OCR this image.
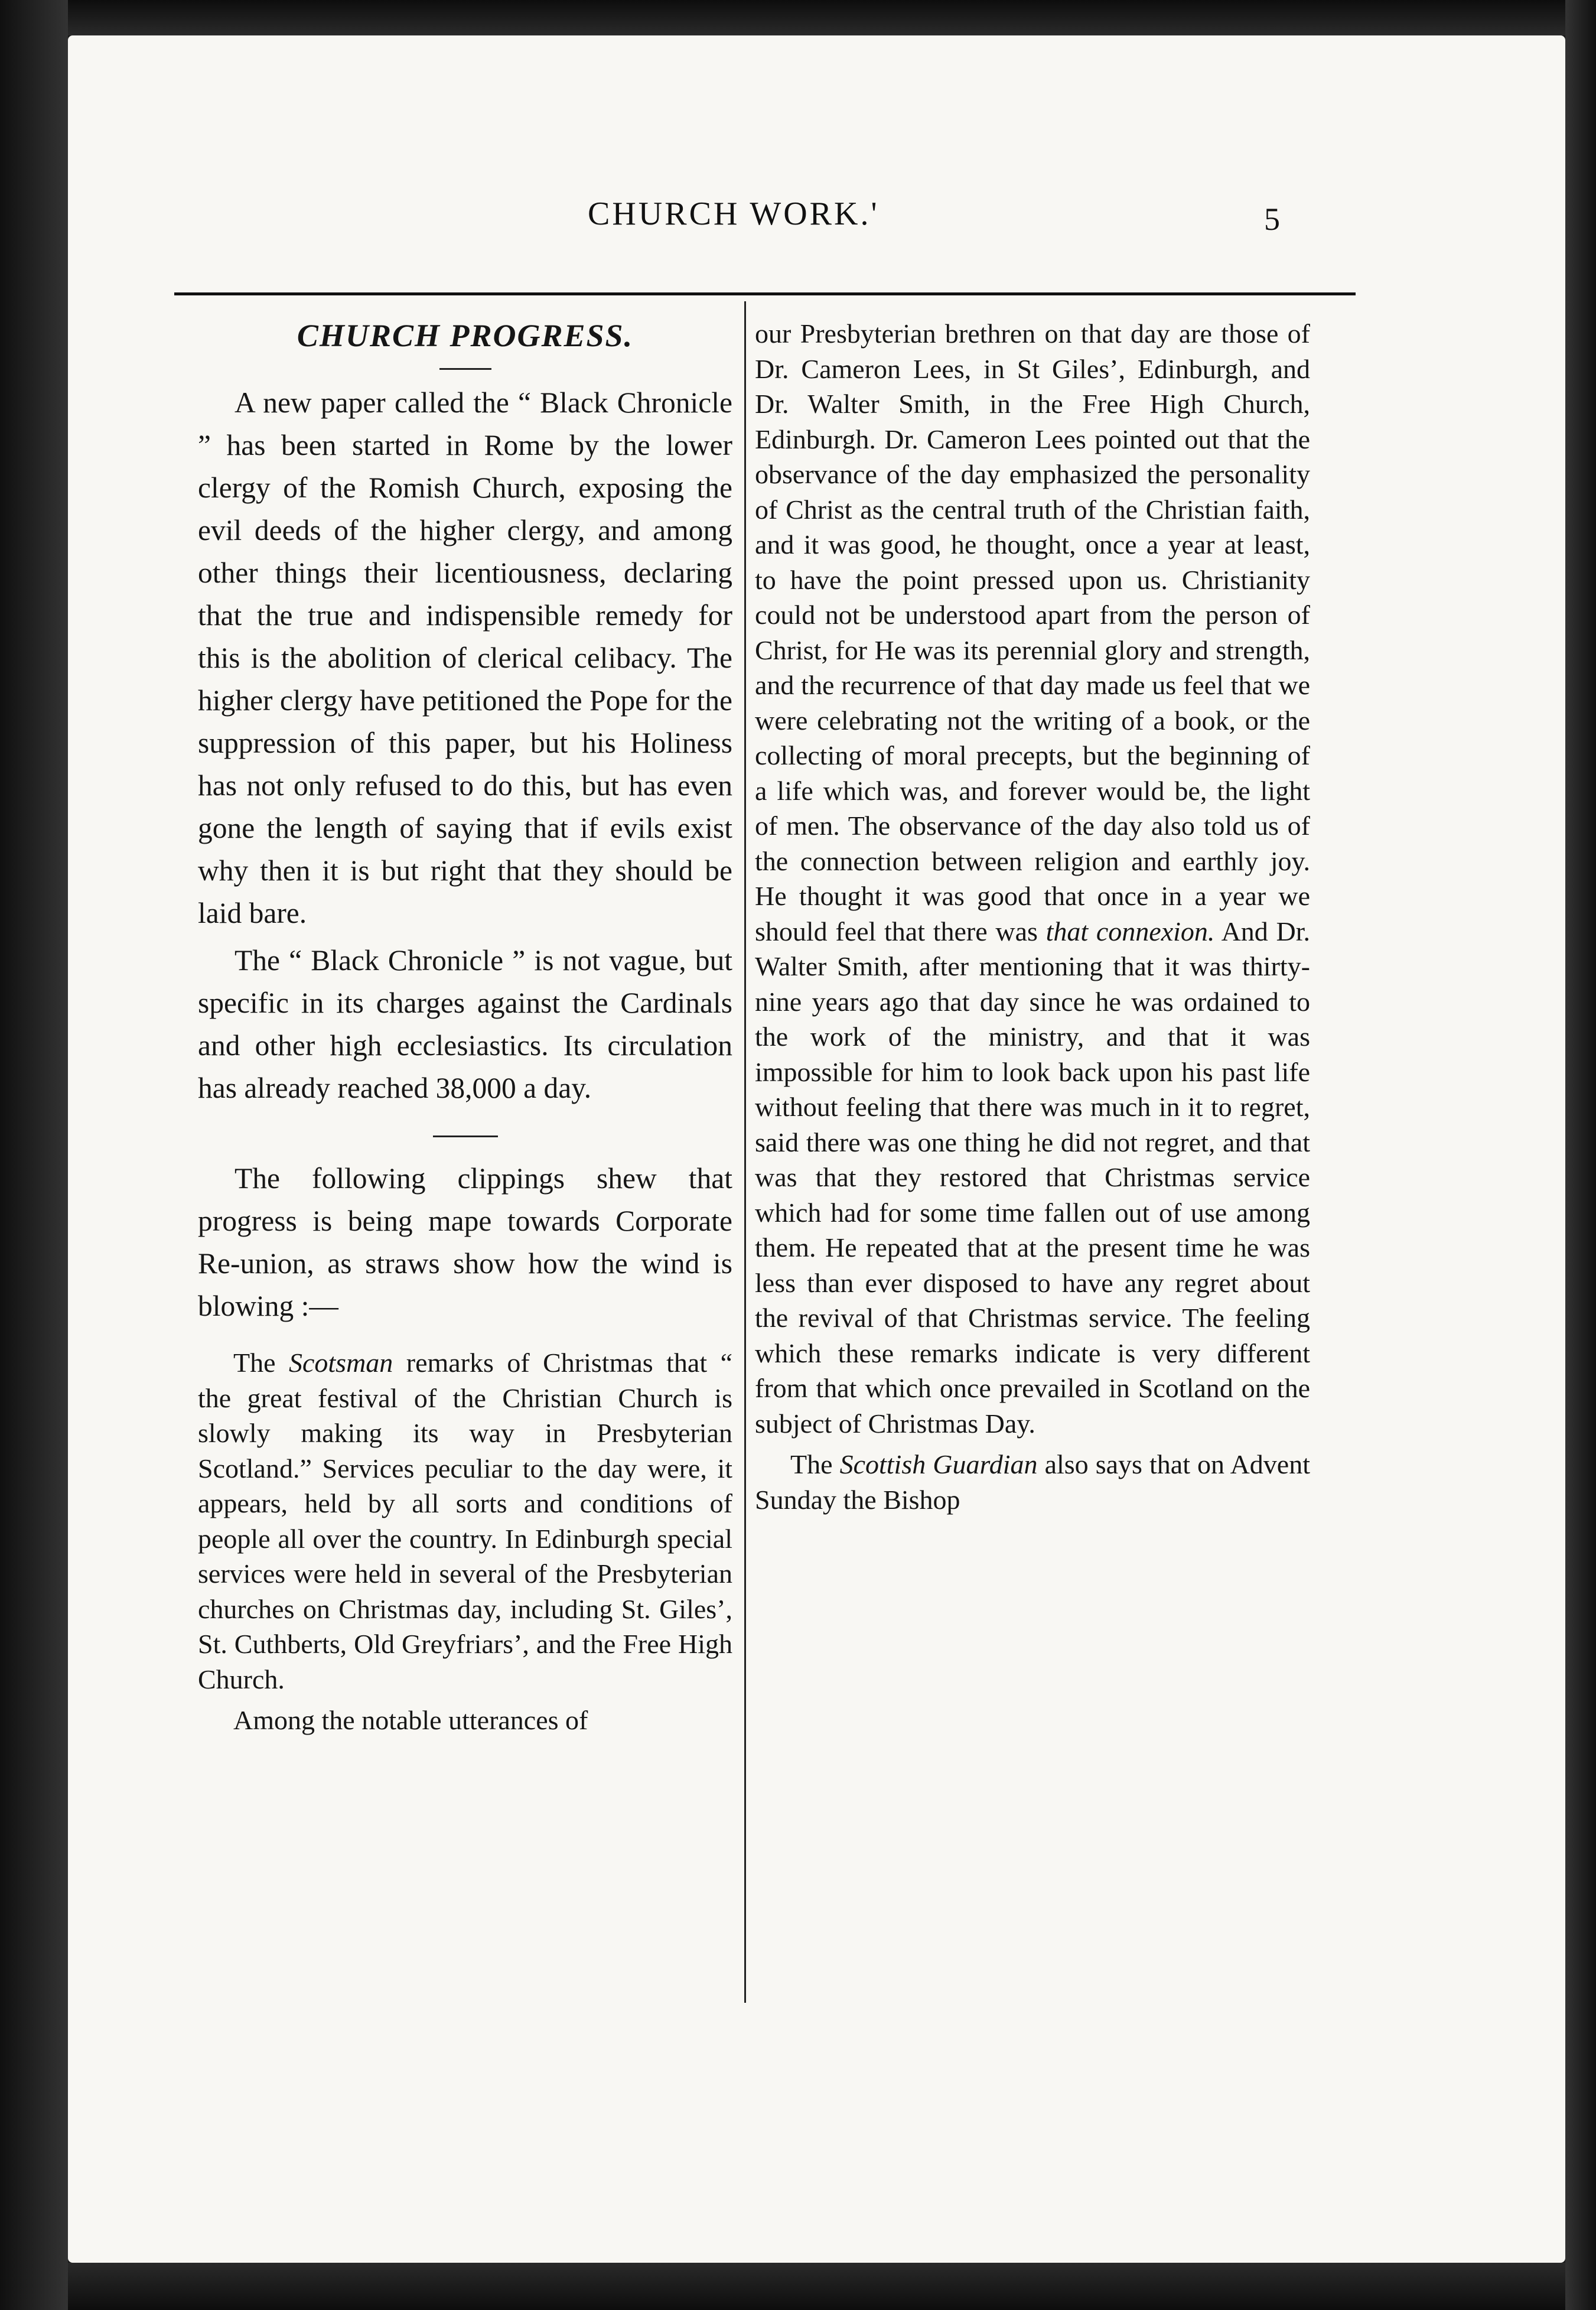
CHURCH WORK.'	5
CHURCH PROGRESS.

A new paper called the “ Black Chronicle ” has been started in Rome by the lower clergy of the Romish Church, exposing the evil deeds of the higher clergy, and among other things their licentiousness, declaring that the true and indispensible remedy for this is the abolition of clerical celibacy. The higher clergy have petitioned the Pope for the suppression of this paper, but his Holiness has not only refused to do this, but has even gone the length of saying that if evils exist why then it is but right that they should be laid bare.

The “ Black Chronicle ” is not vague, but specific in its charges against the Cardinals and other high ecclesiastics. Its circulation has already reached 38,000 a day.

The following clippings shew that progress is being mape towards Corporate Re-union, as straws show how the wind is blowing :—

The Scotsman remarks of Christmas that “ the great festival of the Christian Church is slowly making its way in Presbyterian Scotland.” Services peculiar to the day were, it appears, held by all sorts and conditions of people all over the country. In Edinburgh special services were held in several of the Presbyterian churches on Christmas day, including St. Giles’, St. Cuthberts, Old Greyfriars’, and the Free High Church.

Among the notable utterances of

our Presbyterian brethren on that day are those of Dr. Cameron Lees, in St Giles’, Edinburgh, and Dr. Walter Smith, in the Free High Church, Edinburgh. Dr. Cameron Lees pointed out that the observance of the day emphasized the personality of Christ as the central truth of the Christian faith, and it was good, he thought, once a year at least, to have the point pressed upon us. Christianity could not be understood apart from the person of Christ, for He was its perennial glory and strength, and the recurrence of that day made us feel that we were celebrating not the writing of a book, or the collecting of moral precepts, but the beginning of a life which was, and forever would be, the light of men. The observance of the day also told us of the connection between religion and earthly joy. He thought it was good that once in a year we should feel that there was that connexion. And Dr. Walter Smith, after mentioning that it was thirty-nine years ago that day since he was ordained to the work of the ministry, and that it was impossible for him to look back upon his past life without feeling that there was much in it to regret, said there was one thing he did not regret, and that was that they restored that Christmas service which had for some time fallen out of use among them. He repeated that at the present time he was less than ever disposed to have any regret about the revival of that Christmas service. The feeling which these remarks indicate is very different from that which once prevailed in Scotland on the subject of Christmas Day.

The Scottish Guardian also says that on Advent Sunday the Bishop
